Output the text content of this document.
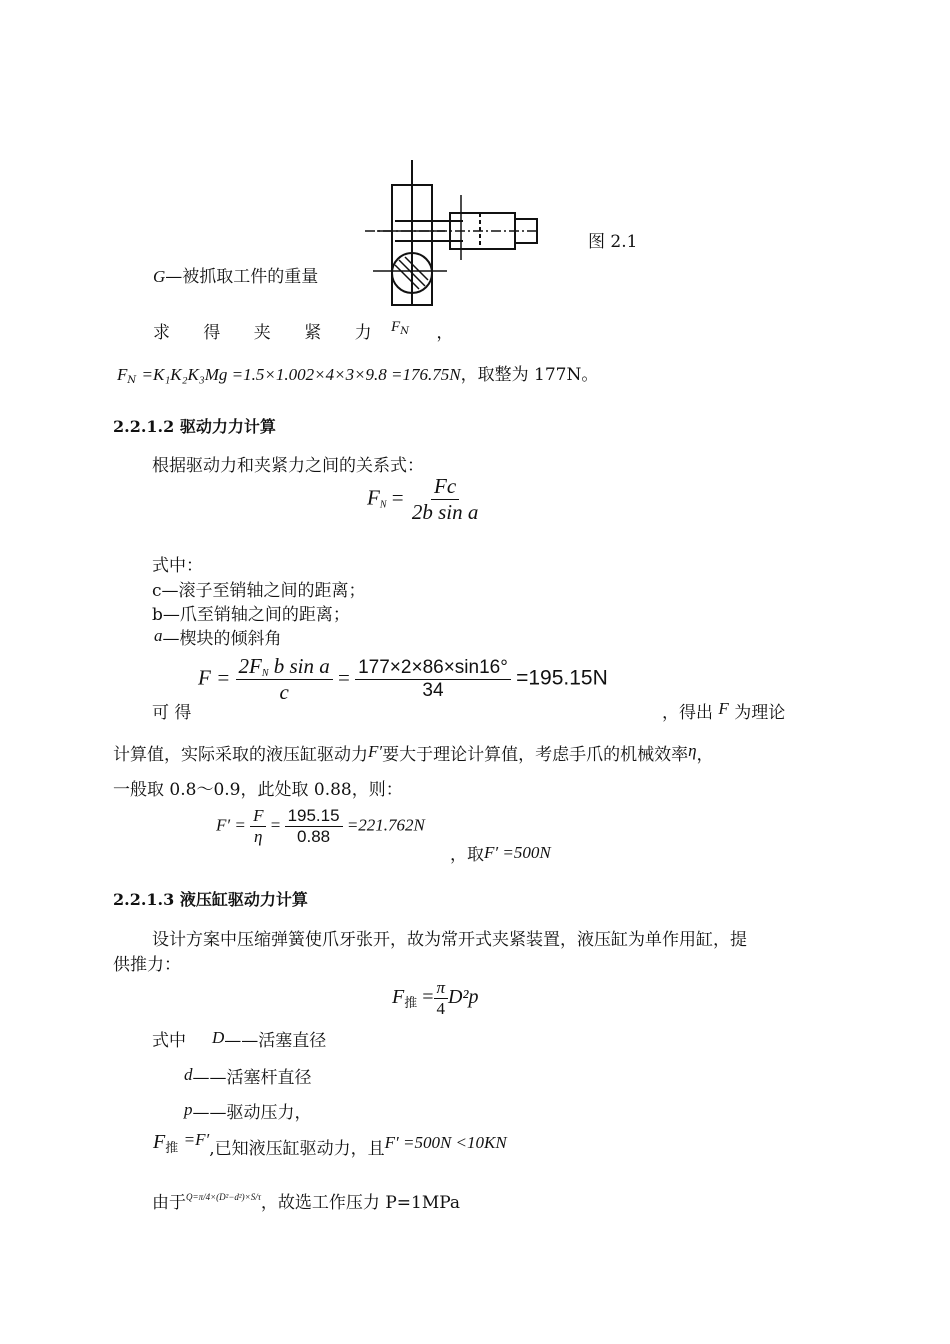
图 2.1
G—被抓取工件的重量
求 得 夹 紧 力 $F^N$ ，
$F_N =K_1K_2K_3Mg =1.5\times 1.002\times 4\times 3\times 9.8 =176.75N$，取整为 177N。
2.2.1.2 驱动力力计算
根据驱动力和夹紧力之间的关系式：
$F_N = \frac{Fc}{\text{2b sin a}}$
式中：
c—滚子至销轴之间的距离；
b—爪至销轴之间的距离；
a—楔块的倾斜角
可 得
$F = \frac{2F_N b \sin a}{c} = \frac{177\times 2\times 86\times\sin 16^\circ}{34} =195.15N$
，得出 F 为理论
计算值，实际采取的液压缸驱动力F′要大于理论计算值，考虑手爪的机械效率η，
一般取 0.8～0.9，此处取 0.88，则：
$F' = \frac{F}{\eta} = \frac{195.15}{0.88} =221.762N$
，取F′ =500N
2.2.1.3 液压缸驱动力计算
设计方案中压缩弹簧使爪牙张开，故为常开式夹紧装置，液压缸为单作用缸，提
供推力：
$F_推 = \frac{\pi}{4} D^2p$
式中 D——活塞直径
d——活塞杆直径
p——驱动压力，
$F_推 =F'$,已知液压缸驱动力，且F′ =500N <10KN
由于$^{Q=\pi/4\times(D^2-d^2)\times S/\tau}$，故选工作压力 P=1MPa
